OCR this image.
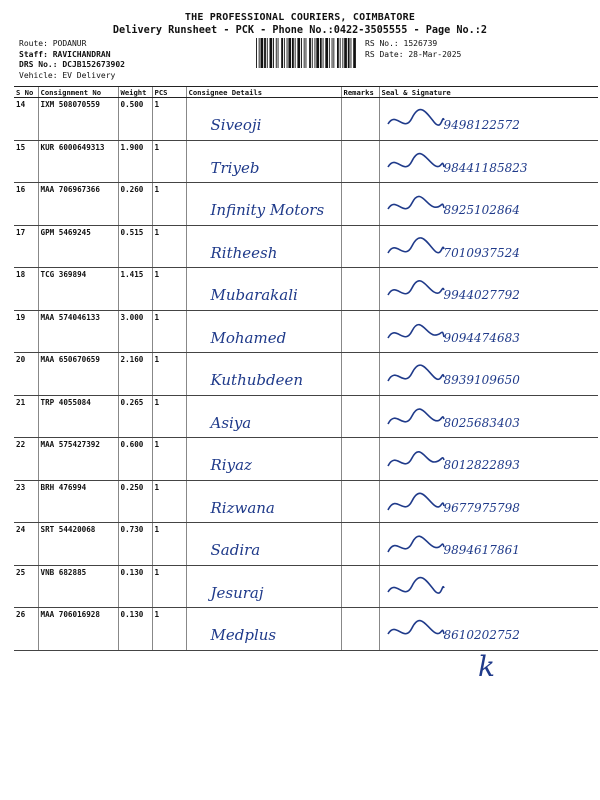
THE PROFESSIONAL COURIERS, COIMBATORE
Delivery Runsheet - PCK - Phone No.:0422-3505555 - Page No.:2
Route: PODANUR
Staff: RAVICHANDRAN
DRS No.: DCJB152673902
Vehicle: EV Delivery
RS No.: 1526739
RS Date: 28-Mar-2025
S No	Consignment No	Weight	PCS	Consignee Details	Remarks	Seal & Signature
14	IXM 508070559	0.500	1	Siveoji		9498122572

15	KUR 6000649313	1.900	1	Triyeb		98441185823

16	MAA 706967366	0.260	1	Infinity Motors		8925102864

17	GPM 5469245	0.515	1	Ritheesh		7010937524

18	TCG 369894	1.415	1	Mubarakali		9944027792

19	MAA 574046133	3.000	1	Mohamed		9094474683

20	MAA 650670659	2.160	1	Kuthubdeen		8939109650

21	TRP 4055084	0.265	1	Asiya		8025683403

22	MAA 575427392	0.600	1	Riyaz		8012822893

23	BRH 476994	0.250	1	Rizwana		9677975798

24	SRT 54420068	0.730	1	Sadira		9894617861

25	VNB 682885	0.130	1	Jesuraj

26	MAA 706016928	0.130	1	Medplus		8610202752
k
